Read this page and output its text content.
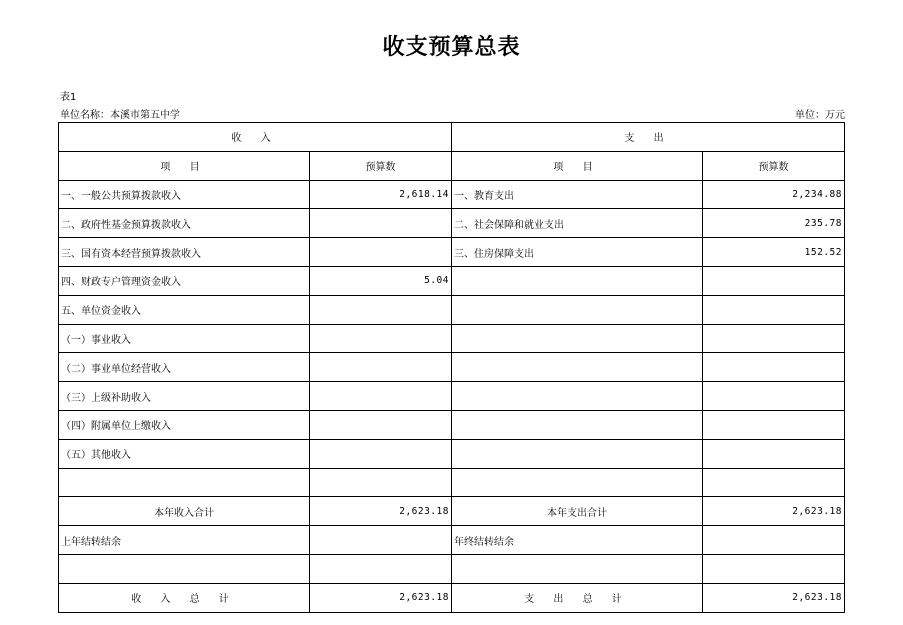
收支预算总表
表1
单位名称：本溪市第五中学	单位：万元
收 入		支 出	
项 目	预算数	项 目	预算数
一、一般公共预算拨款收入	2,618.14	一、教育支出	2,234.88
二、政府性基金预算拨款收入		二、社会保障和就业支出	235.78
三、国有资本经营预算拨款收入		三、住房保障支出	152.52
四、财政专户管理资金收入	5.04		
五、单位资金收入			
（一）事业收入			
（二）事业单位经营收入			
（三）上级补助收入			
（四）附属单位上缴收入			
（五）其他收入			

本年收入合计	2,623.18	本年支出合计	2,623.18
上年结转结余		年终结转结余	

收 入 总 计	2,623.18	支 出 总 计	2,623.18
